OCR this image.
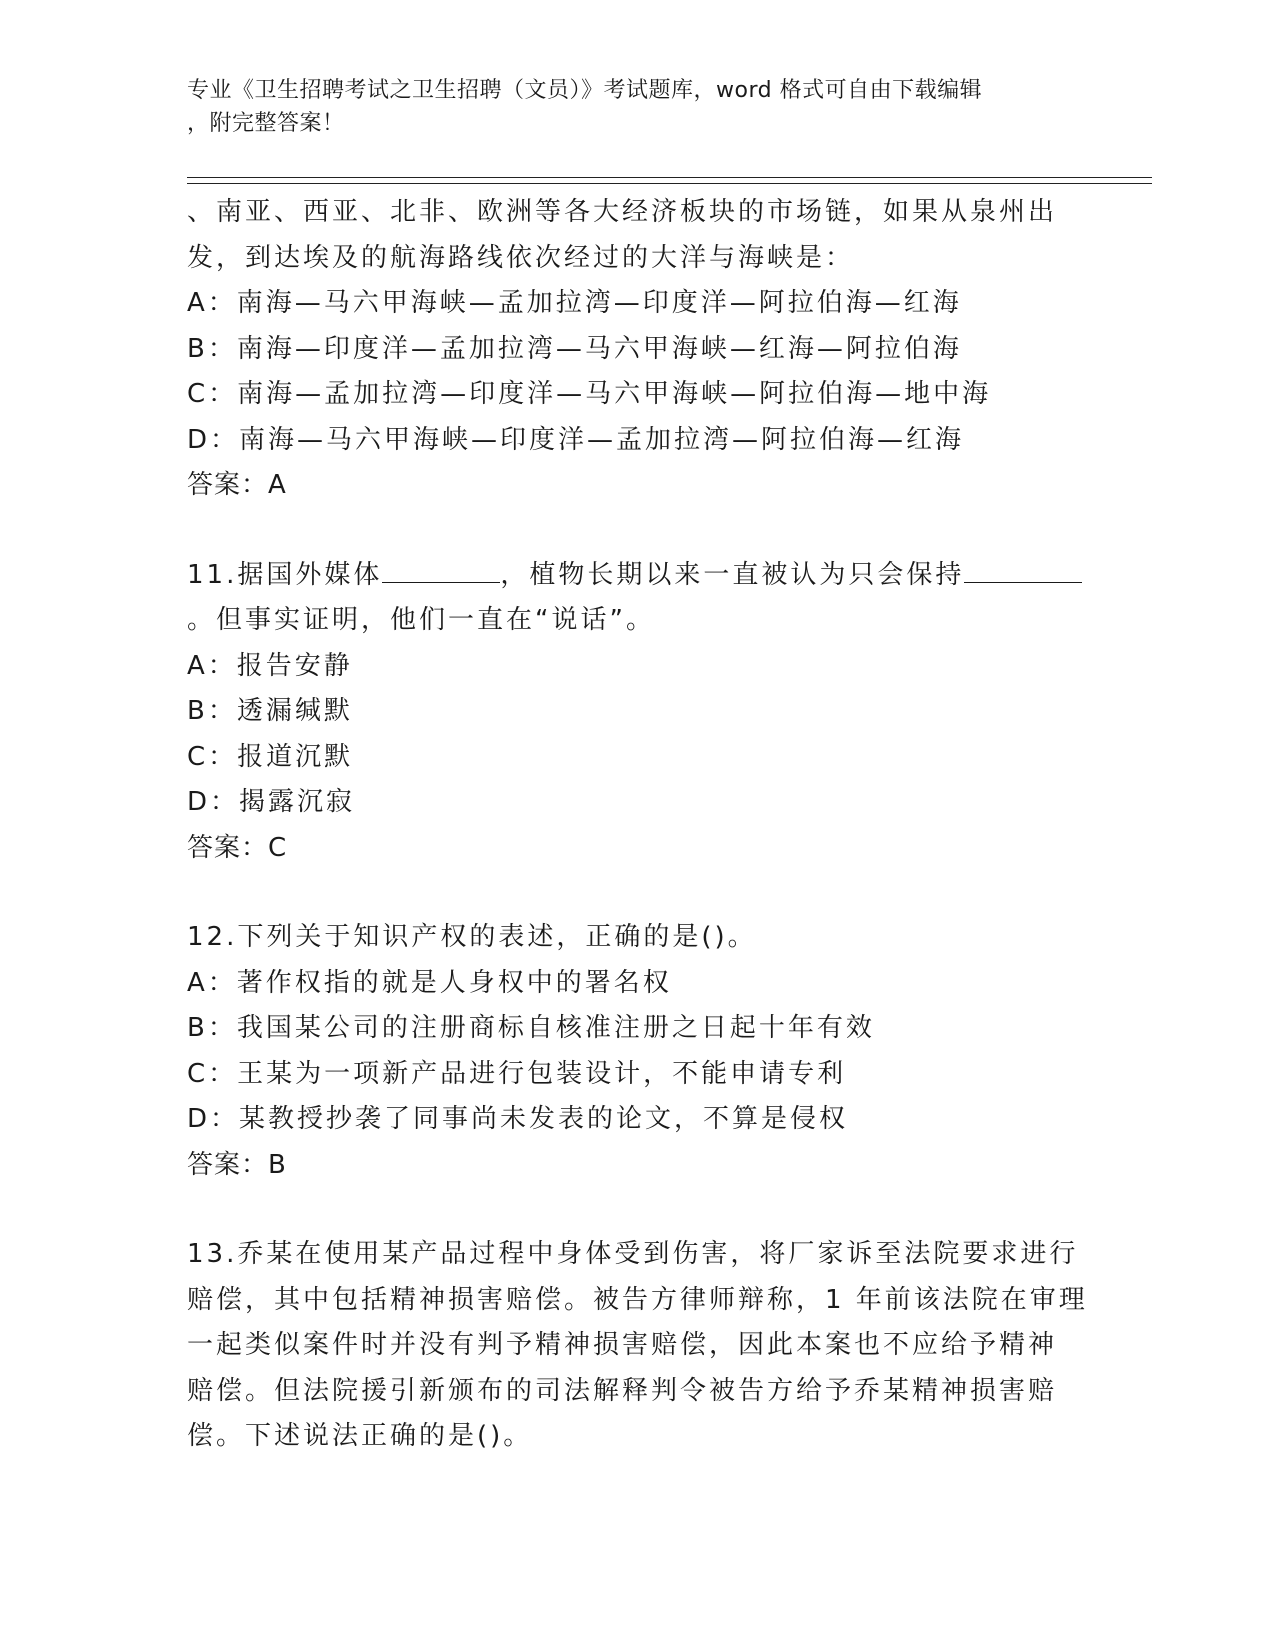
专业《卫生招聘考试之卫生招聘（文员）》考试题库，word 格式可自由下载编辑
，附完整答案！
、南亚、西亚、北非、欧洲等各大经济板块的市场链，如果从泉州出
发，到达埃及的航海路线依次经过的大洋与海峡是：
A：南海—马六甲海峡—孟加拉湾—印度洋—阿拉伯海—红海
B：南海—印度洋—孟加拉湾—马六甲海峡—红海—阿拉伯海
C：南海—孟加拉湾—印度洋—马六甲海峡—阿拉伯海—地中海
D：南海—马六甲海峡—印度洋—孟加拉湾—阿拉伯海—红海
答案：A
11.据国外媒体	，植物长期以来一直被认为只会保持
。但事实证明，他们一直在“说话”。
A：报告安静
B：透漏缄默
C：报道沉默
D：揭露沉寂
答案：C
12.下列关于知识产权的表述，正确的是()。
A：著作权指的就是人身权中的署名权
B：我国某公司的注册商标自核准注册之日起十年有效
C：王某为一项新产品进行包装设计，不能申请专利
D：某教授抄袭了同事尚未发表的论文，不算是侵权
答案：B
13.乔某在使用某产品过程中身体受到伤害，将厂家诉至法院要求进行
赔偿，其中包括精神损害赔偿。被告方律师辩称，1 年前该法院在审理
一起类似案件时并没有判予精神损害赔偿，因此本案也不应给予精神
赔偿。但法院援引新颁布的司法解释判令被告方给予乔某精神损害赔
偿。下述说法正确的是()。
